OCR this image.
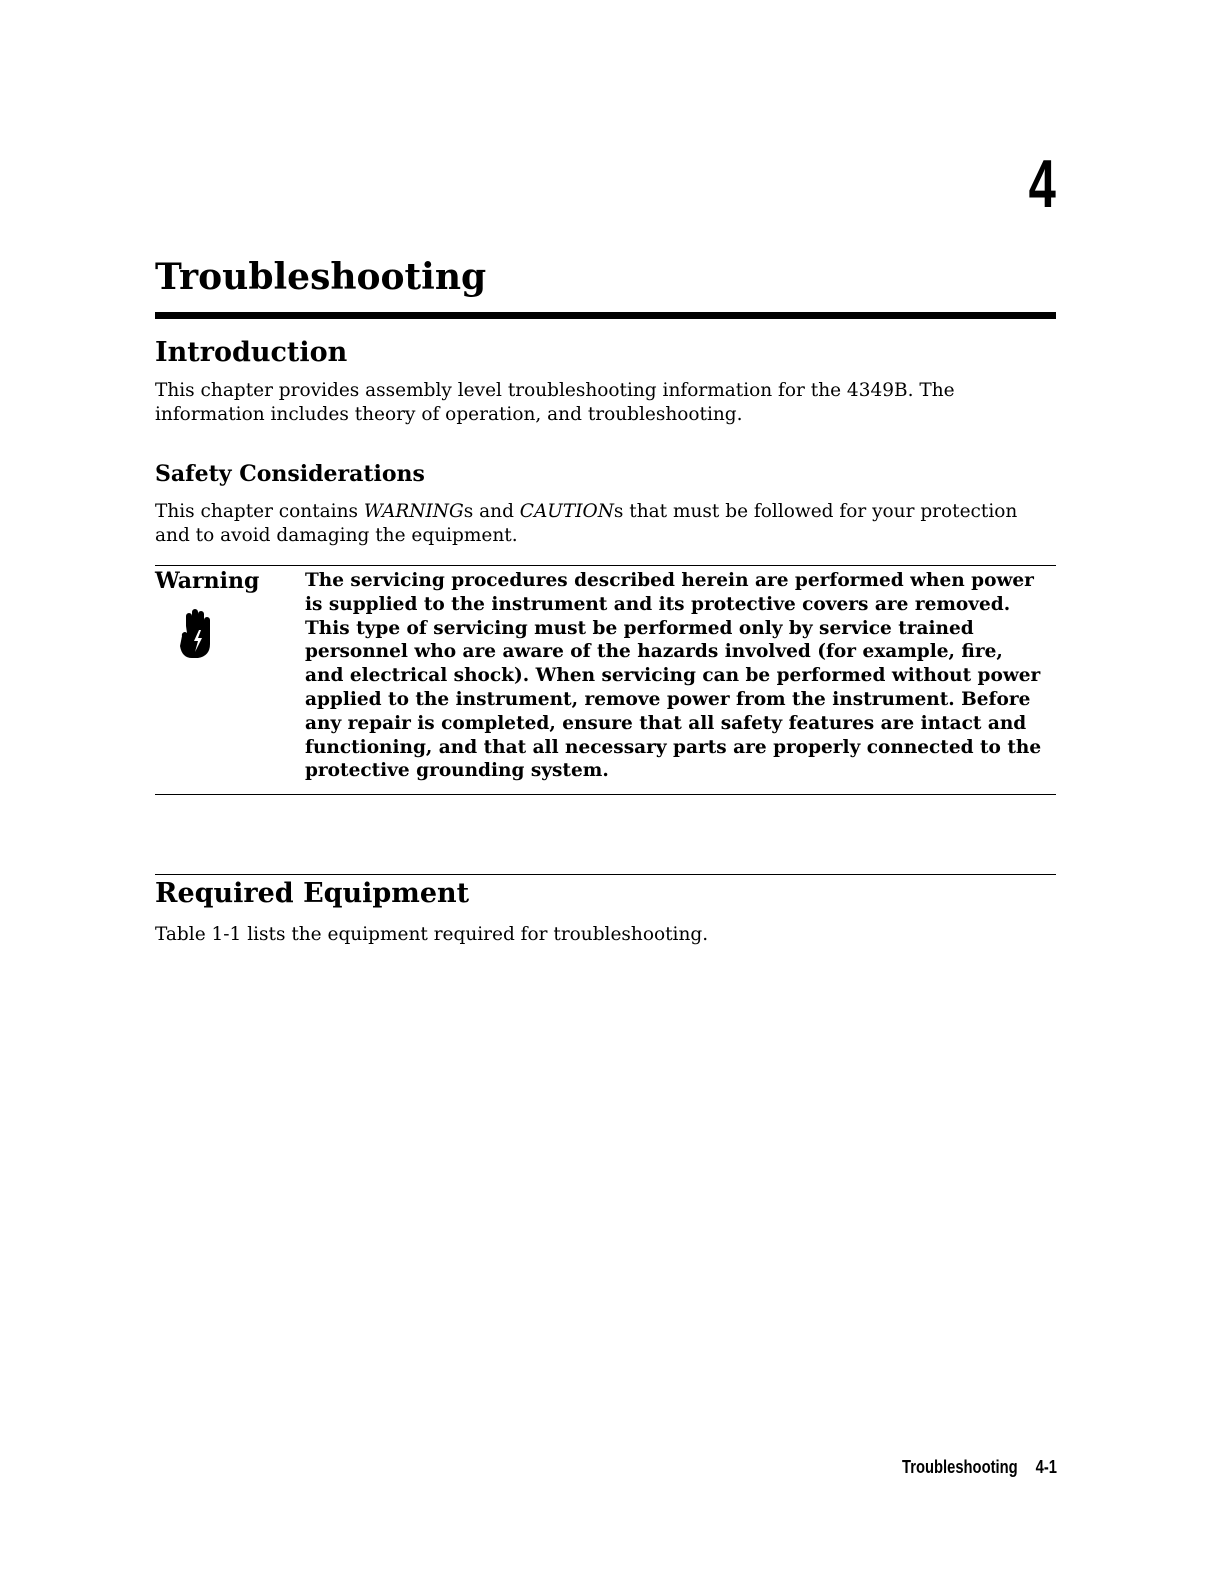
4
Troubleshooting
Introduction
This chapter provides assembly level troubleshooting information for the 4349B. The information includes theory of operation, and troubleshooting.
Safety Considerations
This chapter contains WARNINGs and CAUTIONs that must be followed for your protection and to avoid damaging the equipment.
Warning The servicing procedures described herein are performed when power is supplied to the instrument and its protective covers are removed. This type of servicing must be performed only by service trained personnel who are aware of the hazards involved (for example, fire, and electrical shock). When servicing can be performed without power applied to the instrument, remove power from the instrument. Before any repair is completed, ensure that all safety features are intact and functioning, and that all necessary parts are properly connected to the protective grounding system.
Required Equipment
Table 1-1 lists the equipment required for troubleshooting.
Troubleshooting 4-1
